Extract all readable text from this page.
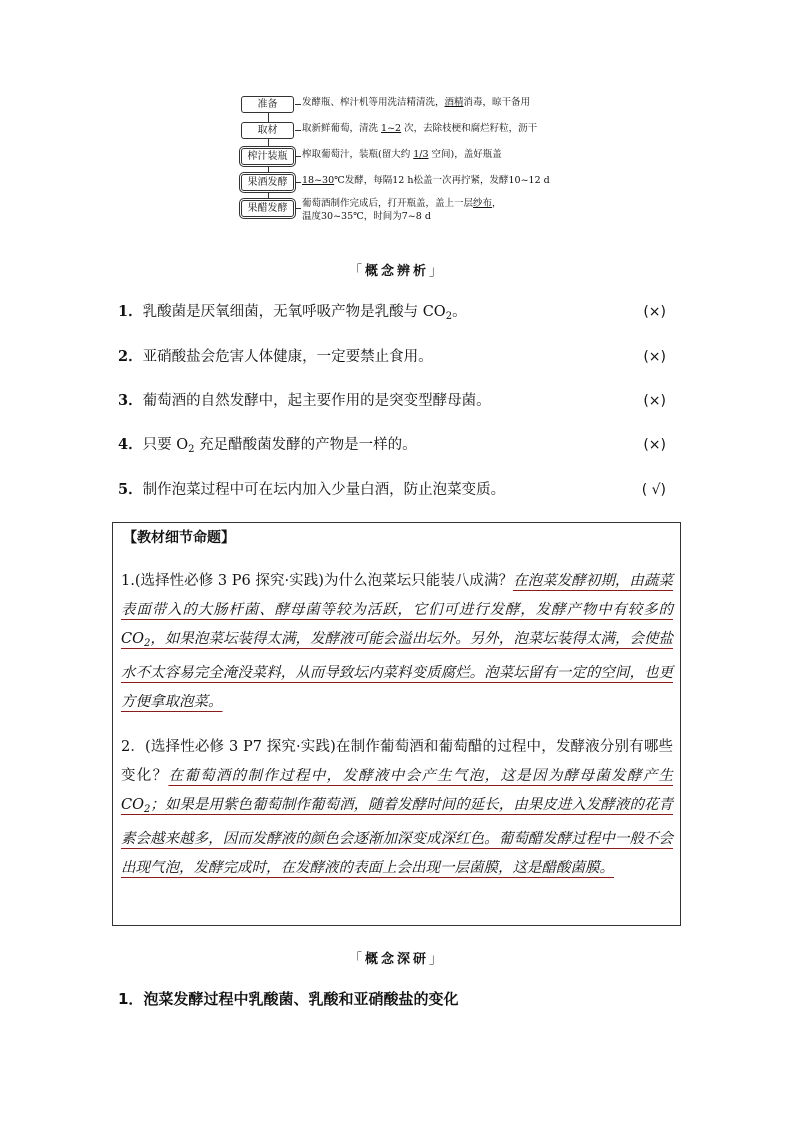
准备	发酵瓶、榨汁机等用洗洁精清洗，酒精消毒，晾干备用
取材	取新鲜葡萄，清洗 1~2 次，去除枝梗和腐烂籽粒，沥干
榨汁装瓶	榨取葡萄汁，装瓶(留大约 1/3 空间)，盖好瓶盖
果酒发酵	18~30℃发酵，每隔12 h松盖一次再拧紧，发酵10~12 d
果醋发酵	葡萄酒制作完成后，打开瓶盖，盖上一层纱布，
温度30~35℃，时间为7~8 d
「概念辨析」
1．乳酸菌是厌氧细菌，无氧呼吸产物是乳酸与 $CO_2$。	(×)
2．亚硝酸盐会危害人体健康，一定要禁止食用。	(×)
3．葡萄酒的自然发酵中，起主要作用的是突变型酵母菌。	(×)
4．只要 $O_2$ 充足醋酸菌发酵的产物是一样的。	(×)
5．制作泡菜过程中可在坛内加入少量白酒，防止泡菜变质。	( √)
【教材细节命题】
1.(选择性必修 3 P6 探究·实践)为什么泡菜坛只能装八成满？在泡菜发酵初期，由蔬菜表面带入的大肠杆菌、酵母菌等较为活跃，它们可进行发酵，发酵产物中有较多的 $CO_2$，如果泡菜坛装得太满，发酵液可能会溢出坛外。另外，泡菜坛装得太满，会使盐水不太容易完全淹没菜料，从而导致坛内菜料变质腐烂。泡菜坛留有一定的空间，也更方便拿取泡菜。
2．(选择性必修 3 P7 探究·实践)在制作葡萄酒和葡萄醋的过程中，发酵液分别有哪些变化？在葡萄酒的制作过程中，发酵液中会产生气泡，这是因为酵母菌发酵产生 $CO_2$；如果是用紫色葡萄制作葡萄酒，随着发酵时间的延长，由果皮进入发酵液的花青素会越来越多，因而发酵液的颜色会逐渐加深变成深红色。葡萄醋发酵过程中一般不会出现气泡，发酵完成时，在发酵液的表面上会出现一层菌膜，这是醋酸菌膜。
「概念深研」
1．泡菜发酵过程中乳酸菌、乳酸和亚硝酸盐的变化
